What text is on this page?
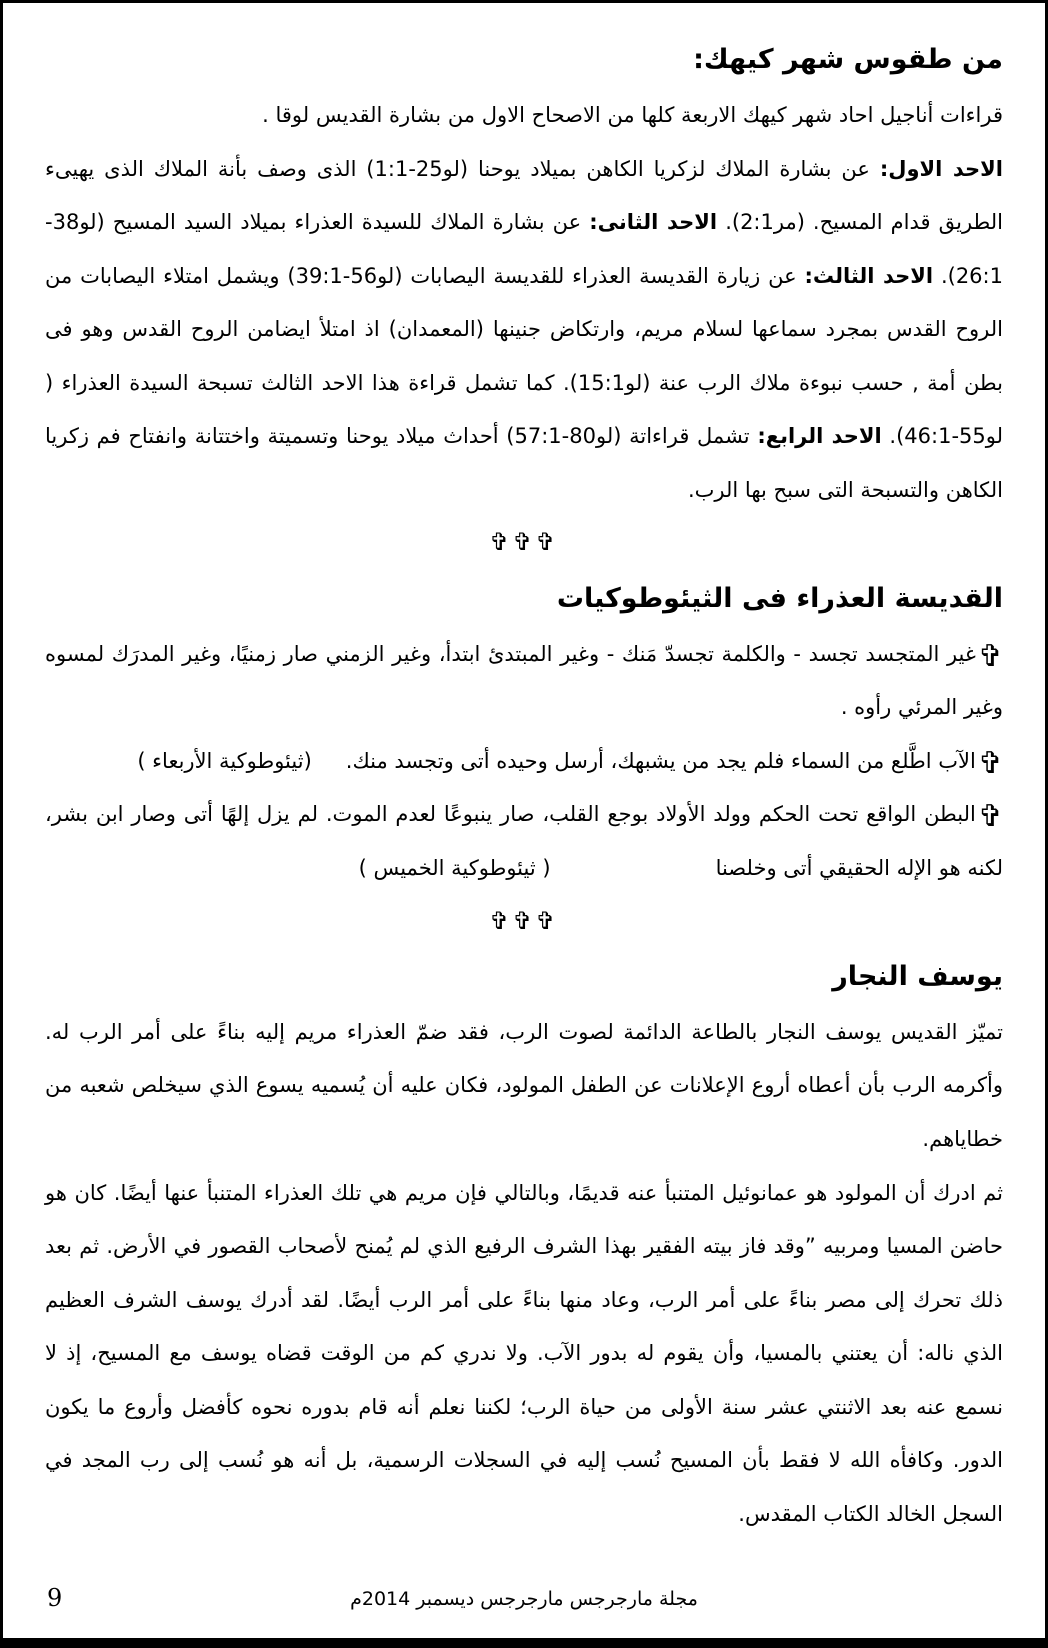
من طقوس شهر كيهك:

قراءات أناجيل احاد شهر كيهك الاربعة كلها من الاصحاح الاول من بشارة القديس لوقا .

الاحد الاول: عن بشارة الملاك لزكريا الكاهن بميلاد يوحنا (لو25-1:1) الذى وصف بأنة الملاك الذى يهيىء الطريق قدام المسيح. (مر2:1). الاحد الثانى: عن بشارة الملاك للسيدة العذراء بميلاد السيد المسيح (لو38-26:1). الاحد الثالث: عن زيارة القديسة العذراء للقديسة اليصابات (لو56-39:1) ويشمل امتلاء اليصابات من الروح القدس بمجرد سماعها لسلام مريم، وارتكاض جنينها (المعمدان) اذ امتلأ ايضامن الروح القدس وهو فى بطن أمة , حسب نبوءة ملاك الرب عنة (لو15:1). كما تشمل قراءة هذا الاحد الثالث تسبحة السيدة العذراء ( لو55-46:1). الاحد الرابع: تشمل قراءاتة (لو80-57:1) أحداث ميلاد يوحنا وتسميتة واختتانة وانفتاح فم زكريا الكاهن والتسبحة التى سبح بها الرب.

✞✞✞
القديسة العذراء فى الثيئوطوكيات

✞غير المتجسد تجسد - والكلمة تجسدّ مَنك - وغير المبتدئ ابتدأ، وغير الزمني صار زمنيًا، وغير المدرَك لمسوه وغير المرئي رأوه .

✞الآب اطَّلع من السماء فلم يجد من يشبهك، أرسل وحيده أتى وتجسد منك.(ثيئوطوكية الأربعاء )

✞البطن الواقع تحت الحكم وولد الأولاد بوجع القلب، صار ينبوعًا لعدم الموت. لم يزل إلهًا أتى وصار ابن بشر، لكنه هو الإله الحقيقي أتى وخلصنا( ثيئوطوكية الخميس )

✞✞✞
يوسف النجار

تميّز القديس يوسف النجار بالطاعة الدائمة لصوت الرب، فقد ضمّ العذراء مريم إليه بناءً على أمر الرب له. وأكرمه الرب بأن أعطاه أروع الإعلانات عن الطفل المولود، فكان عليه أن يُسميه يسوع الذي سيخلص شعبه من خطاياهم.

ثم ادرك أن المولود هو عمانوئيل المتنبأ عنه قديمًا، وبالتالي فإن مريم هي تلك العذراء المتنبأ عنها أيضًا. كان هو حاضن المسيا ومربيه ”وقد فاز بيته الفقير بهذا الشرف الرفيع الذي لم يُمنح لأصحاب القصور في الأرض. ثم بعد ذلك تحرك إلى مصر بناءً على أمر الرب، وعاد منها بناءً على أمر الرب أيضًا. لقد أدرك يوسف الشرف العظيم الذي ناله: أن يعتني بالمسيا، وأن يقوم له بدور الآب. ولا ندري كم من الوقت قضاه يوسف مع المسيح، إذ لا نسمع عنه بعد الاثنتي عشر سنة الأولى من حياة الرب؛ لكننا نعلم أنه قام بدوره نحوه كأفضل وأروع ما يكون الدور. وكافأه الله لا فقط بأن المسيح نُسب إليه في السجلات الرسمية، بل أنه هو نُسب إلى رب المجد في السجل الخالد الكتاب المقدس.

مجلة مارجرجس مارجرجس ديسمبر 2014م
9
